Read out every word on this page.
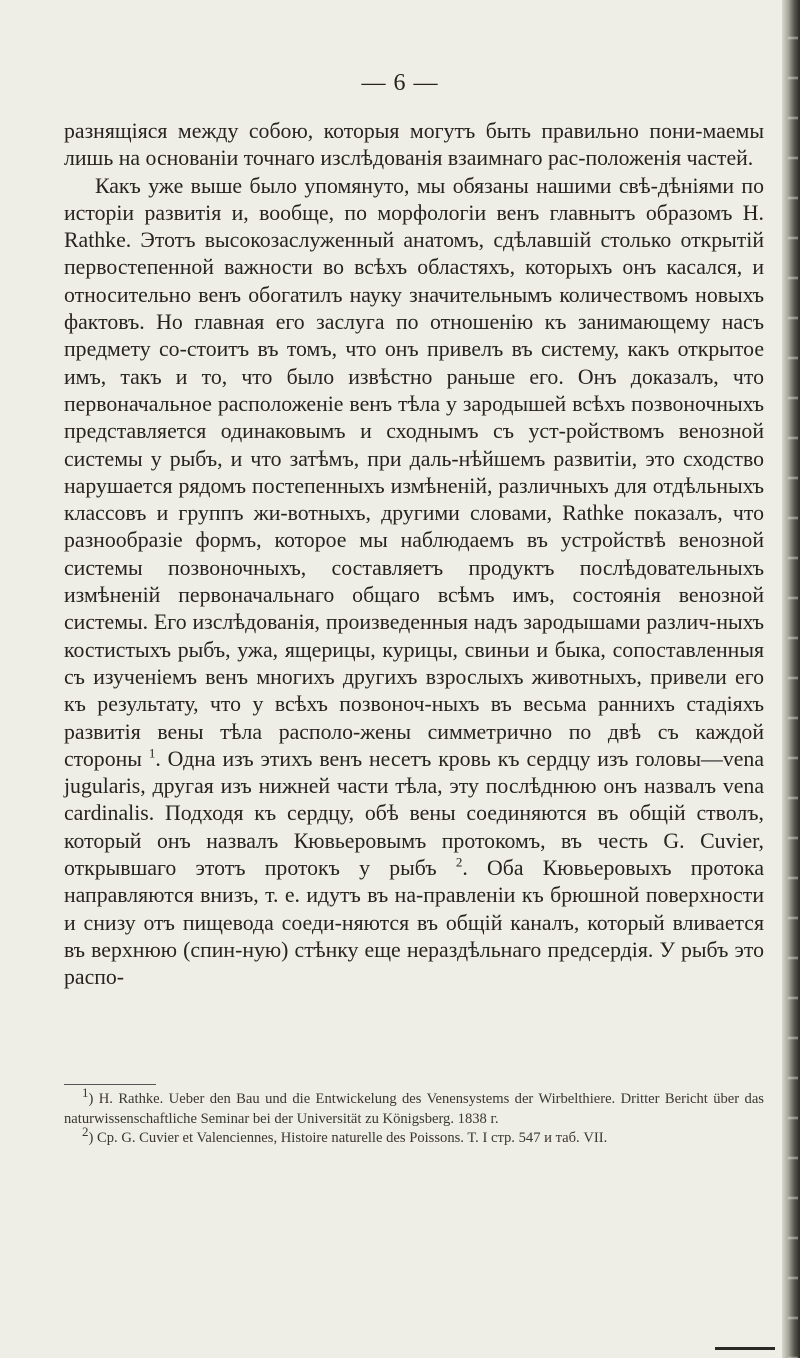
— 6 —

разнящіяся между собою, которыя могутъ быть правильно пони-маемы лишь на основаніи точнаго изслѣдованія взаимнаго рас-положенія частей.

Какъ уже выше было упомянуто, мы обязаны нашими свѣ-дѣніями по исторіи развитія и, вообще, по морфологіи венъ главнытъ образомъ Н. Rathke. Этотъ высокозаслуженный анатомъ, сдѣлавшій столько открытій первостепенной важности во всѣхъ областяхъ, которыхъ онъ касался, и относительно венъ обогатилъ науку значительнымъ количествомъ новыхъ фактовъ. Но главная его заслуга по отношенію къ занимающему насъ предмету со-стоитъ въ томъ, что онъ привелъ въ систему, какъ открытое имъ, такъ и то, что было извѣстно раньше его. Онъ доказалъ, что первоначальное расположеніе венъ тѣла у зародышей всѣхъ позвоночныхъ представляется одинаковымъ и сходнымъ съ уст-ройствомъ венозной системы у рыбъ, и что затѣмъ, при даль-нѣйшемъ развитіи, это сходство нарушается рядомъ постепенныхъ измѣненій, различныхъ для отдѣльныхъ классовъ и группъ жи-вотныхъ, другими словами, Rathke показалъ, что разнообразіе формъ, которое мы наблюдаемъ въ устройствѣ венозной системы позвоночныхъ, составляетъ продуктъ послѣдовательныхъ измѣненій первоначальнаго общаго всѣмъ имъ, состоянія венозной системы. Его изслѣдованія, произведенныя надъ зародышами различ-ныхъ костистыхъ рыбъ, ужа, ящерицы, курицы, свиньи и быка, сопоставленныя съ изученіемъ венъ многихъ другихъ взрослыхъ животныхъ, привели его къ результату, что у всѣхъ позвоноч-ныхъ въ весьма раннихъ стадіяхъ развитія вены тѣла располо-жены симметрично по двѣ съ каждой стороны $^1$. Одна изъ этихъ венъ несетъ кровь къ сердцу изъ головы—vena jugularis, другая изъ нижней части тѣла, эту послѣднюю онъ назвалъ vena cardinalis. Подходя къ сердцу, обѣ вены соединяются въ общій стволъ, который онъ назвалъ Кювьеровымъ протокомъ, въ честь G. Cuvier, открывшаго этотъ протокъ у рыбъ $^2$. Оба Кювьеровыхъ протока направляются внизъ, т. е. идутъ въ на-правленіи къ брюшной поверхности и снизу отъ пищевода соеди-няются въ общій каналъ, который вливается въ верхнюю (спин-ную) стѣнку еще нераздѣльнаго предсердія. У рыбъ это распо-

$^1$) H. Rathke. Ueber den Bau und die Entwickelung des Venensystems der Wirbelthiere. Dritter Bericht über das naturwissenschaftliche Seminar bei der Universität zu Königsberg. 1838 г.

$^2$) Ср. G. Cuvier et Valenciennes, Histoire naturelle des Poissons. T. I стр. 547 и таб. VII.
